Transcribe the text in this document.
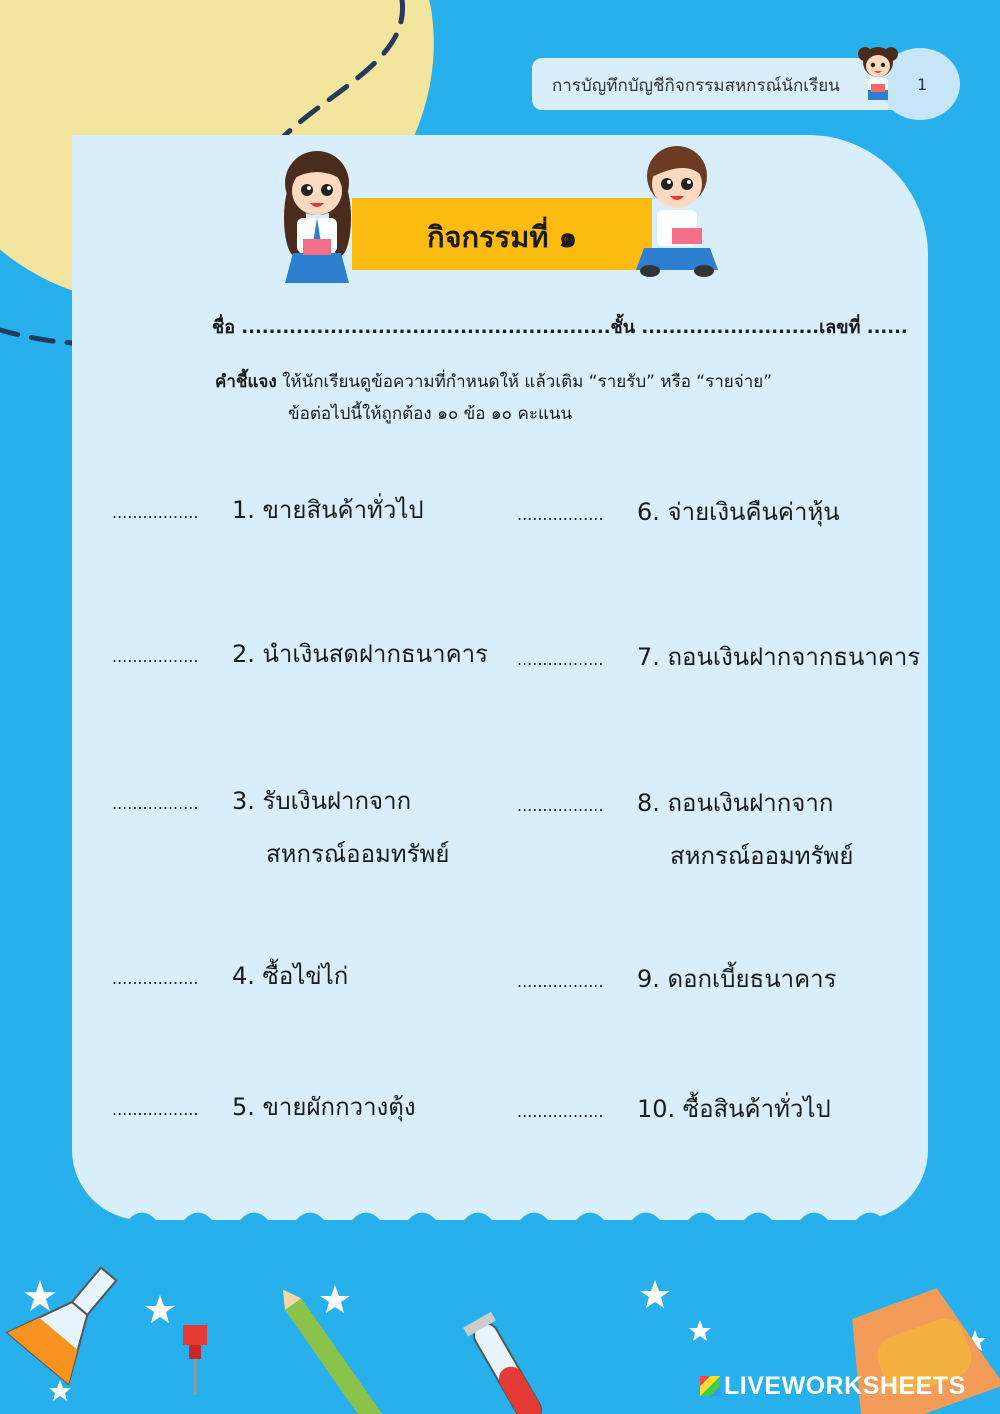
การบัญทึกบัญชีกิจกรรมสหกรณ์นักเรียน	1
กิจกรรมที่ ๑
ชื่อ ......................................................ชั้น ..........................เลขที่ ......
คำชี้แจง ให้นักเรียนดูข้อความที่กำหนดให้ แล้วเติม “รายรับ” หรือ “รายจ่าย”
ข้อต่อไปนี้ให้ถูกต้อง ๑๐ ข้อ ๑๐ คะแนน
................. 1. ขายสินค้าทั่วไป
................. 2. นำเงินสดฝากธนาคาร
................. 3. รับเงินฝากจาก
สหกรณ์ออมทรัพย์
................. 4. ซื้อไข่ไก่
................. 5. ขายผักกวางตุ้ง
................. 6. จ่ายเงินคืนค่าหุ้น
................. 7. ถอนเงินฝากจากธนาคาร
................. 8. ถอนเงินฝากจาก
สหกรณ์ออมทรัพย์
................. 9. ดอกเบี้ยธนาคาร
................. 10. ซื้อสินค้าทั่วไป
LIVEWORKSHEETS
